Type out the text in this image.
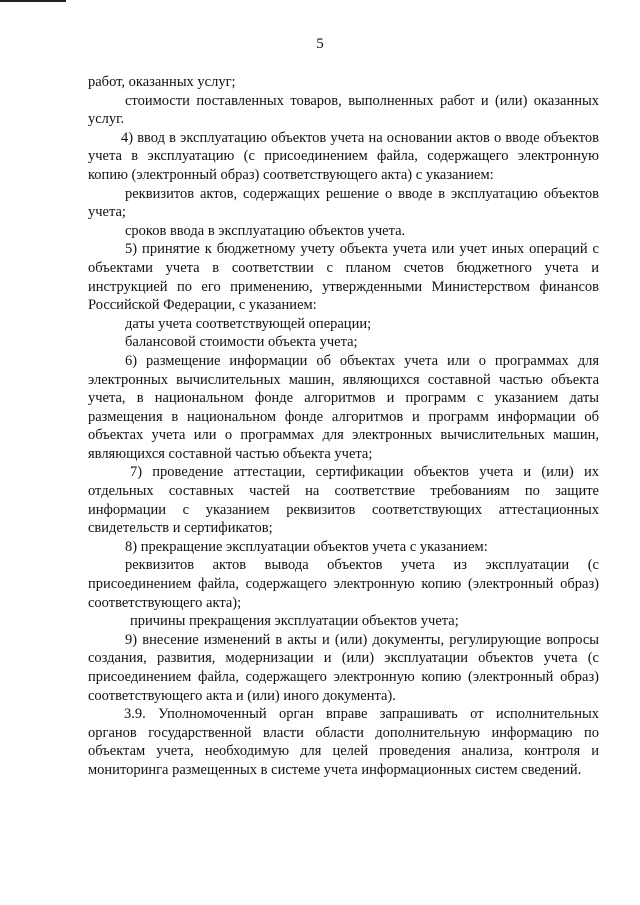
5

работ, оказанных услуг;

стоимости поставленных товаров, выполненных работ и (или) оказанных услуг.

4) ввод в эксплуатацию объектов учета на основании актов о вводе объектов учета в эксплуатацию (с присоединением файла, содержащего электронную копию (электронный образ) соответствующего акта) с указанием:

реквизитов актов, содержащих решение о вводе в эксплуатацию объектов учета;

сроков ввода в эксплуатацию объектов учета.

5) принятие к бюджетному учету объекта учета или учет иных операций с объектами учета в соответствии с планом счетов бюджетного учета и инструкцией по его применению, утвержденными Министерством финансов Российской Федерации, с указанием:

даты учета соответствующей операции;

балансовой стоимости объекта учета;

6) размещение информации об объектах учета или о программах для электронных вычислительных машин, являющихся составной частью объекта учета, в национальном фонде алгоритмов и программ с указанием даты размещения в национальном фонде алгоритмов и программ информации об объектах учета или о программах для электронных вычислительных машин, являющихся составной частью объекта учета;

7) проведение аттестации, сертификации объектов учета и (или) их отдельных составных частей на соответствие требованиям по защите информации с указанием реквизитов соответствующих аттестационных свидетельств и сертификатов;

8) прекращение эксплуатации объектов учета с указанием:

реквизитов актов вывода объектов учета из эксплуатации (с присоединением файла, содержащего электронную копию (электронный образ) соответствующего акта);

причины прекращения эксплуатации объектов учета;

9) внесение изменений в акты и (или) документы, регулирующие вопросы создания, развития, модернизации и (или) эксплуатации объектов учета (с присоединением файла, содержащего электронную копию (электронный образ) соответствующего акта и (или) иного документа).

3.9. Уполномоченный орган вправе запрашивать от исполнительных органов государственной власти области дополнительную информацию по объектам учета, необходимую для целей проведения анализа, контроля и мониторинга размещенных в системе учета информационных систем сведений.
